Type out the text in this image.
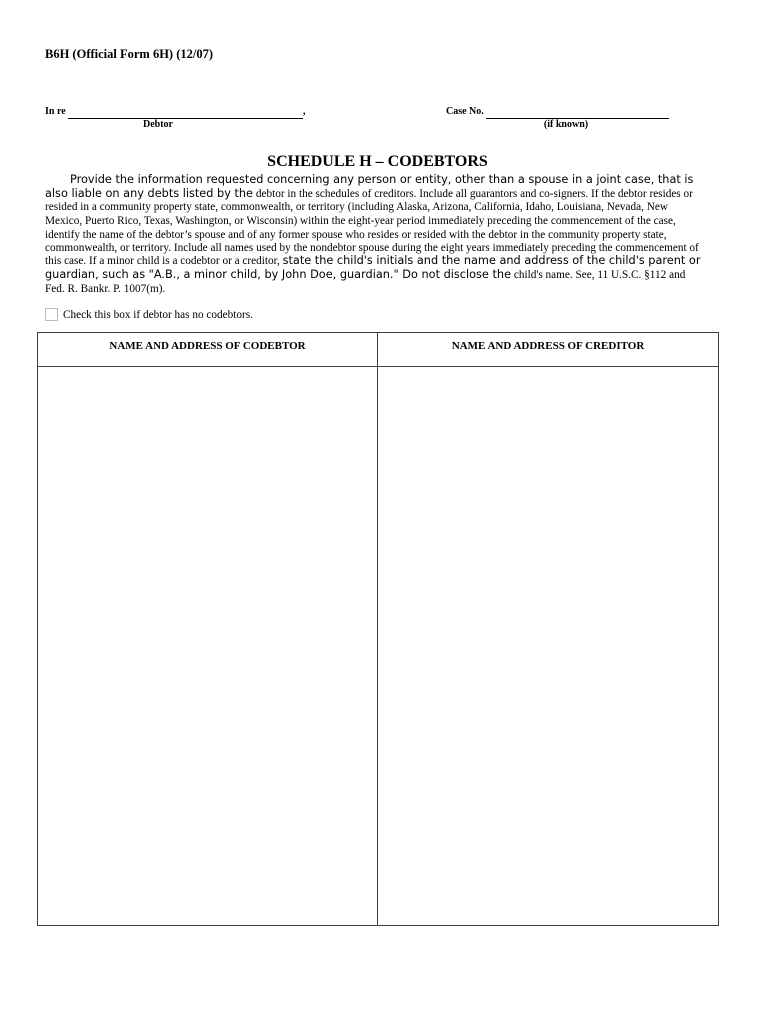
B6H (Official Form 6H) (12/07)
In re	,
Debtor
Case No.
(if known)
SCHEDULE H – CODEBTORS
Provide the information requested concerning any person or entity, other than a spouse in a joint case, that is
also liable on any debts listed by the debtor in the schedules of creditors. Include all guarantors and co-signers. If the debtor resides or
resided in a community property state, commonwealth, or territory (including Alaska, Arizona, California, Idaho, Louisiana, Nevada, New
Mexico, Puerto Rico, Texas, Washington, or Wisconsin) within the eight-year period immediately preceding the commencement of the case,
identify the name of the debtor’s spouse and of any former spouse who resides or resided with the debtor in the community property state,
commonwealth, or territory. Include all names used by the nondebtor spouse during the eight years immediately preceding the commencement of
this case. If a minor child is a codebtor or a creditor, state the child's initials and the name and address of the child's parent or
guardian, such as "A.B., a minor child, by John Doe, guardian." Do not disclose the child's name. See, 11 U.S.C. §112 and
Fed. R. Bankr. P. 1007(m).
Check this box if debtor has no codebtors.
NAME AND ADDRESS OF CODEBTOR	NAME AND ADDRESS OF CREDITOR
